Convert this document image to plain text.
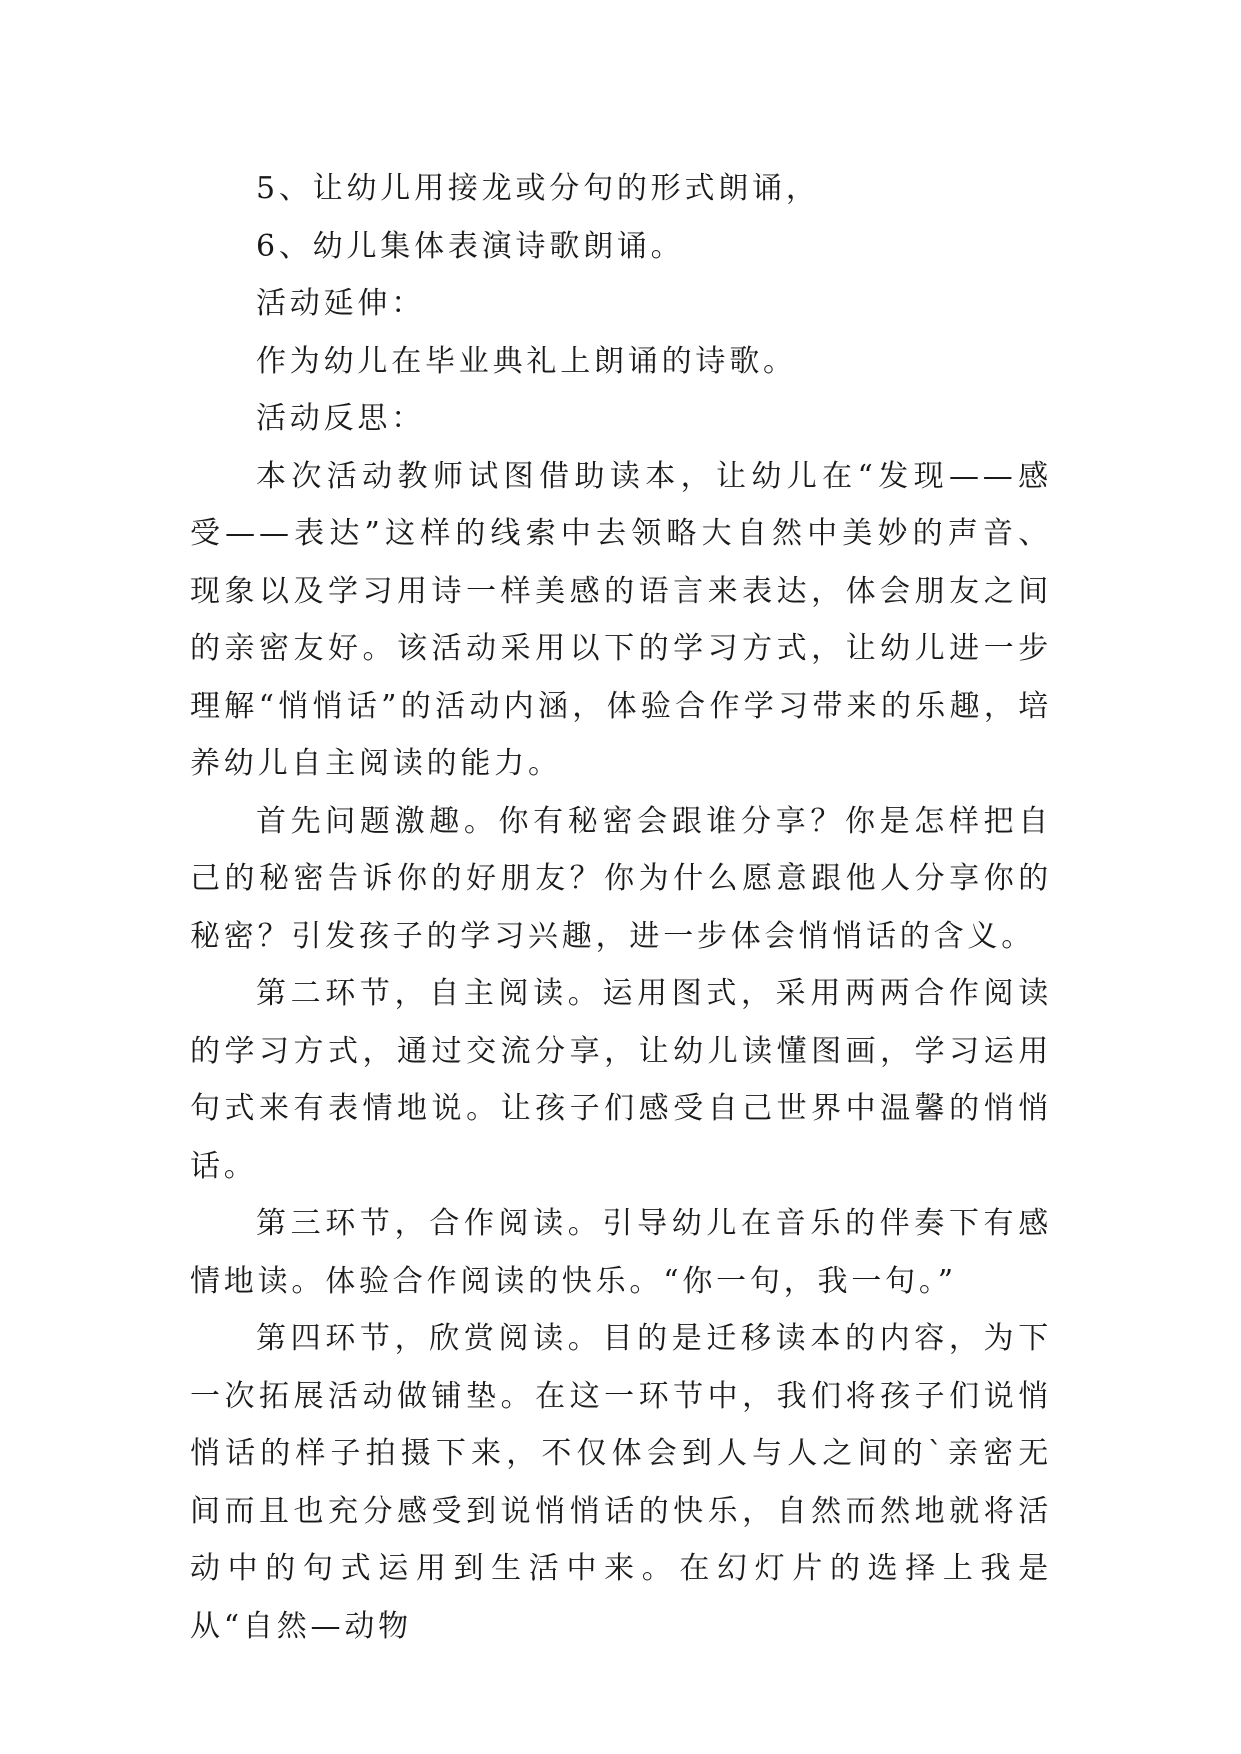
5、让幼儿用接龙或分句的形式朗诵，

6、幼儿集体表演诗歌朗诵。

活动延伸：

作为幼儿在毕业典礼上朗诵的诗歌。

活动反思：

本次活动教师试图借助读本，让幼儿在“发现——感受——表达”这样的线索中去领略大自然中美妙的声音、现象以及学习用诗一样美感的语言来表达，体会朋友之间的亲密友好。该活动采用以下的学习方式，让幼儿进一步理解“悄悄话”的活动内涵，体验合作学习带来的乐趣，培养幼儿自主阅读的能力。

首先问题激趣。你有秘密会跟谁分享？你是怎样把自己的秘密告诉你的好朋友？你为什么愿意跟他人分享你的秘密？引发孩子的学习兴趣，进一步体会悄悄话的含义。

第二环节，自主阅读。运用图式，采用两两合作阅读的学习方式，通过交流分享，让幼儿读懂图画，学习运用句式来有表情地说。让孩子们感受自己世界中温馨的悄悄话。

第三环节，合作阅读。引导幼儿在音乐的伴奏下有感情地读。体验合作阅读的快乐。“你一句，我一句。”

第四环节，欣赏阅读。目的是迁移读本的内容，为下一次拓展活动做铺垫。在这一环节中，我们将孩子们说悄悄话的样子拍摄下来，不仅体会到人与人之间的`亲密无间而且也充分感受到说悄悄话的快乐，自然而然地就将活动中的句式运用到生活中来。在幻灯片的选择上我是从“自然—动物
